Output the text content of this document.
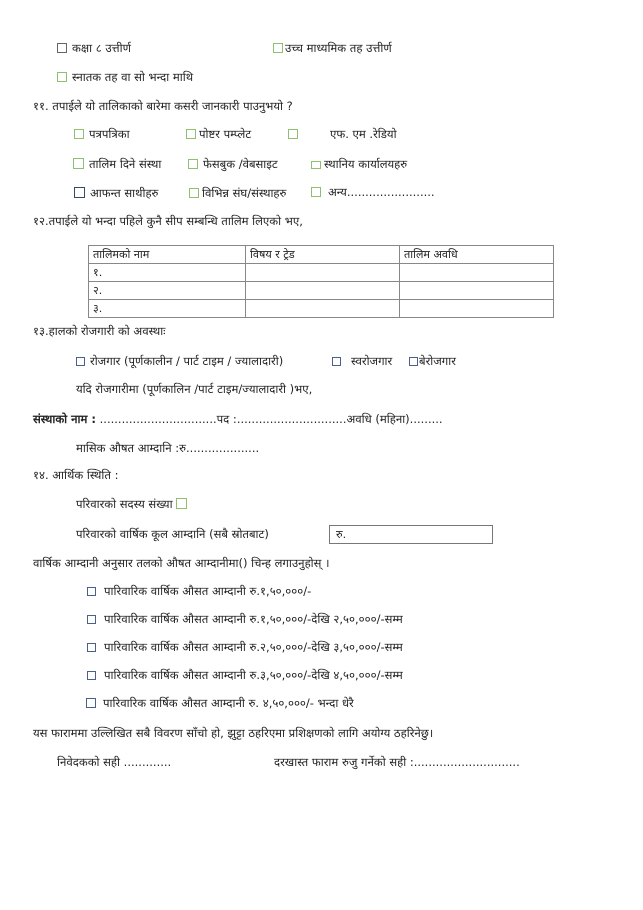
कक्षा ८ उत्तीर्ण	उच्च माध्यमिक तह उत्तीर्ण
स्नातक तह वा सो भन्दा माथि
११. तपाईले यो तालिकाको बारेमा कसरी जानकारी पाउनुभयो ?
पत्रपत्रिका	पोष्टर पम्प्लेट	एफ. एम .रेडियो
तालिम दिने संस्था	फेसबुक /वेबसाइट	स्थानिय कार्यालयहरु
आफन्त साथीहरु	विभिन्न संघ/संस्थाहरु	अन्य........................
१२.तपाईले यो भन्दा पहिले कुनै सीप सम्बन्धि तालिम लिएको भए,
तालिमको नाम	विषय र ट्रेड	तालिम अवधि
१.		
२.		
३.		
१३.हालको रोजगारी को अवस्थाः
रोजगार (पूर्णकालीन / पार्ट टाइम / ज्यालादारी)	स्वरोजगार	बेरोजगार
यदि रोजगारीमा (पूर्णकालिन /पार्ट टाइम/ज्यालादारी )भए,
संस्थाको नाम : ................................पद :..............................अवधि (महिना).........
मासिक औषत आम्दानि :रु....................
१४. आर्थिक स्थिति :
परिवारको सदस्य संख्या
परिवारको वार्षिक कूल आम्दानि (सबै स्रोतबाट)	रु.
वार्षिक आम्दानी अनुसार तलको औषत आम्दानीमा() चिन्ह लगाउनुहोस् ।
पारिवारिक वार्षिक औसत आम्दानी रु.१,५०,०००/-
पारिवारिक वार्षिक औसत आम्दानी रु.१,५०,०००/-देखि २,५०,०००/-सम्म
पारिवारिक वार्षिक औसत आम्दानी रु.२,५०,०००/-देखि ३,५०,०००/-सम्म
पारिवारिक वार्षिक औसत आम्दानी रु.३,५०,०००/-देखि ४,५०,०००/-सम्म
पारिवारिक वार्षिक औसत आम्दानी रु. ४,५०,०००/- भन्दा धेरै
यस फाराममा उल्लिखित सबै विवरण साँचो हो, झुट्टा ठहरिएमा प्रशिक्षणको लागि अयोग्य ठहरिनेछु।
निवेदकको सही .............	दरखास्त फाराम रुजु गर्नेको सही :.............................
